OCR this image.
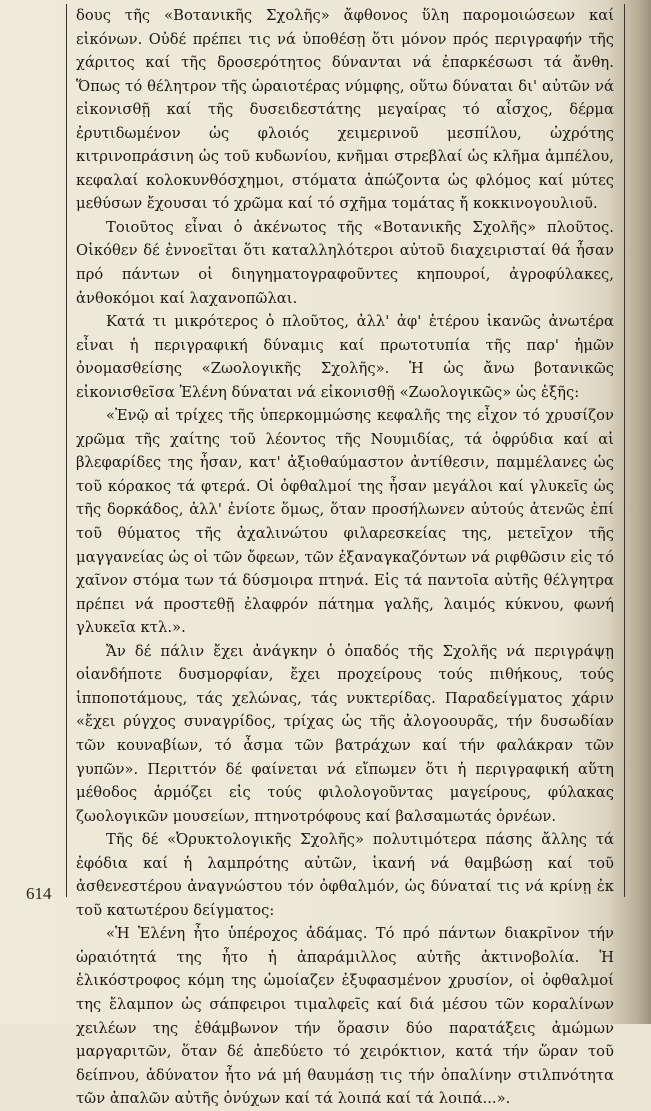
δους τῆς «Βοτανικῆς Σχολῆς» ἄφθονος ὕλη παρομοιώσεων καί εἰκόνων. Οὐδέ πρέπει τις νά ὑποθέσῃ ὅτι μόνον πρός περιγραφήν τῆς χάριτος καί τῆς δροσερότητος δύνανται νά ἐπαρκέσωσι τά ἄνθη. Ὅπως τό θέλητρον τῆς ὡραιοτέρας νύμφης, οὕτω δύναται δι' αὐτῶν νά εἰκονισθῇ καί τῆς δυσειδεστάτης μεγαίρας τό αἶσχος, δέρμα ἐρυτιδωμένον ὡς φλοιός χειμερινοῦ μεσπίλου, ὠχρότης κιτρινοπράσινη ὡς τοῦ κυδωνίου, κνῆμαι στρεβλαί ὡς κλῆμα ἀμπέλου, κεφαλαί κολοκυνθόσχημοι, στόματα ἀπώζοντα ὡς φλόμος καί μύτες μεθύσων ἔχουσαι τό χρῶμα καί τό σχῆμα τομάτας ἤ κοκκινογουλιοῦ.

Τοιοῦτος εἶναι ὁ ἀκένωτος τῆς «Βοτανικῆς Σχολῆς» πλοῦτος. Οἰκόθεν δέ ἐννοεῖται ὅτι καταλληλότεροι αὐτοῦ διαχειρισταί θά ἦσαν πρό πάντων οἱ διηγηματογραφοῦντες κηπουροί, ἀγροφύλακες, ἀνθοκόμοι καί λαχανοπῶλαι.

Κατά τι μικρότερος ὁ πλοῦτος, ἀλλ' ἀφ' ἑτέρου ἱκανῶς ἀνωτέρα εἶναι ἡ περιγραφική δύναμις καί πρωτοτυπία τῆς παρ' ἡμῶν ὀνομασθείσης «Ζωολογικῆς Σχολῆς». Ἡ ὡς ἄνω βοτανικῶς εἰκονισθεῖσα Ἑλένη δύναται νά εἰκονισθῇ «Ζωολογικῶς» ὡς ἑξῆς:

«Ἐνῷ αἱ τρίχες τῆς ὑπερκομμώσης κεφαλῆς της εἶχον τό χρυσίζον χρῶμα τῆς χαίτης τοῦ λέοντος τῆς Νουμιδίας, τά ὀφρύδια καί αἱ βλεφαρίδες της ἦσαν, κατ' ἀξιοθαύμαστον ἀντίθεσιν, παμμέλανες ὡς τοῦ κόρακος τά φτερά. Οἱ ὀφθαλμοί της ἦσαν μεγάλοι καί γλυκεῖς ὡς τῆς δορκάδος, ἀλλ' ἐνίοτε ὅμως, ὅταν προσήλωνεν αὐτούς ἀτενῶς ἐπί τοῦ θύματος τῆς ἀχαλινώτου φιλαρεσκείας της, μετεῖχον τῆς μαγγανείας ὡς οἱ τῶν ὄφεων, τῶν ἐξαναγκαζόντων νά ριφθῶσιν εἰς τό χαῖνον στόμα των τά δύσμοιρα πτηνά. Εἰς τά παντοῖα αὐτῆς θέλγητρα πρέπει νά προστεθῇ ἐλαφρόν πάτημα γαλῆς, λαιμός κύκνου, φωνή γλυκεῖα κτλ.».

Ἄν δέ πάλιν ἔχει ἀνάγκην ὁ ὀπαδός τῆς Σχολῆς νά περιγράψῃ οἱανδήποτε δυσμορφίαν, ἔχει προχείρους τούς πιθήκους, τούς ἱπποποτάμους, τάς χελώνας, τάς νυκτερίδας. Παραδείγματος χάριν «ἔχει ρύγχος συναγρίδος, τρίχας ὡς τῆς ἀλογοουρᾶς, τήν δυσωδίαν τῶν κουναβίων, τό ἆσμα τῶν βατράχων καί τήν φαλάκραν τῶν γυπῶν». Περιττόν δέ φαίνεται νά εἴπωμεν ὅτι ἡ περιγραφική αὕτη μέθοδος ἁρμόζει εἰς τούς φιλολογοῦντας μαγείρους, φύλακας ζωολογικῶν μουσείων, πτηνοτρόφους καί βαλσαμωτάς ὀρνέων.

Τῆς δέ «Ὀρυκτολογικῆς Σχολῆς» πολυτιμότερα πάσης ἄλλης τά ἐφόδια καί ἡ λαμπρότης αὐτῶν, ἱκανή νά θαμβώσῃ καί τοῦ ἀσθενεστέρου ἀναγνώστου τόν ὀφθαλμόν, ὡς δύναταί τις νά κρίνῃ ἐκ τοῦ κατωτέρου δείγματος:

«Ἡ Ἑλένη ἦτο ὑπέροχος ἀδάμας. Τό πρό πάντων διακρῖνον τήν ὡραιότητά της ἦτο ἡ ἀπαράμιλλος αὐτῆς ἀκτινοβολία. Ἡ ἑλικόστροφος κόμη της ὡμοίαζεν ἐξυφασμένον χρυσίον, οἱ ὀφθαλμοί της ἔλαμπον ὡς σάπφειροι τιμαλφεῖς καί διά μέσου τῶν κοραλίνων χειλέων της ἐθάμβωνον τήν ὅρασιν δύο παρατάξεις ἀμώμων μαργαριτῶν, ὅταν δέ ἀπεδύετο τό χειρόκτιον, κατά τήν ὥραν τοῦ δείπνου, ἀδύνατον ἦτο νά μή θαυμάσῃ τις τήν ὀπαλίνην στιλπνότητα τῶν ἀπαλῶν αὐτῆς ὀνύχων καί τά λοιπά καί τά λοιπά...».

614
